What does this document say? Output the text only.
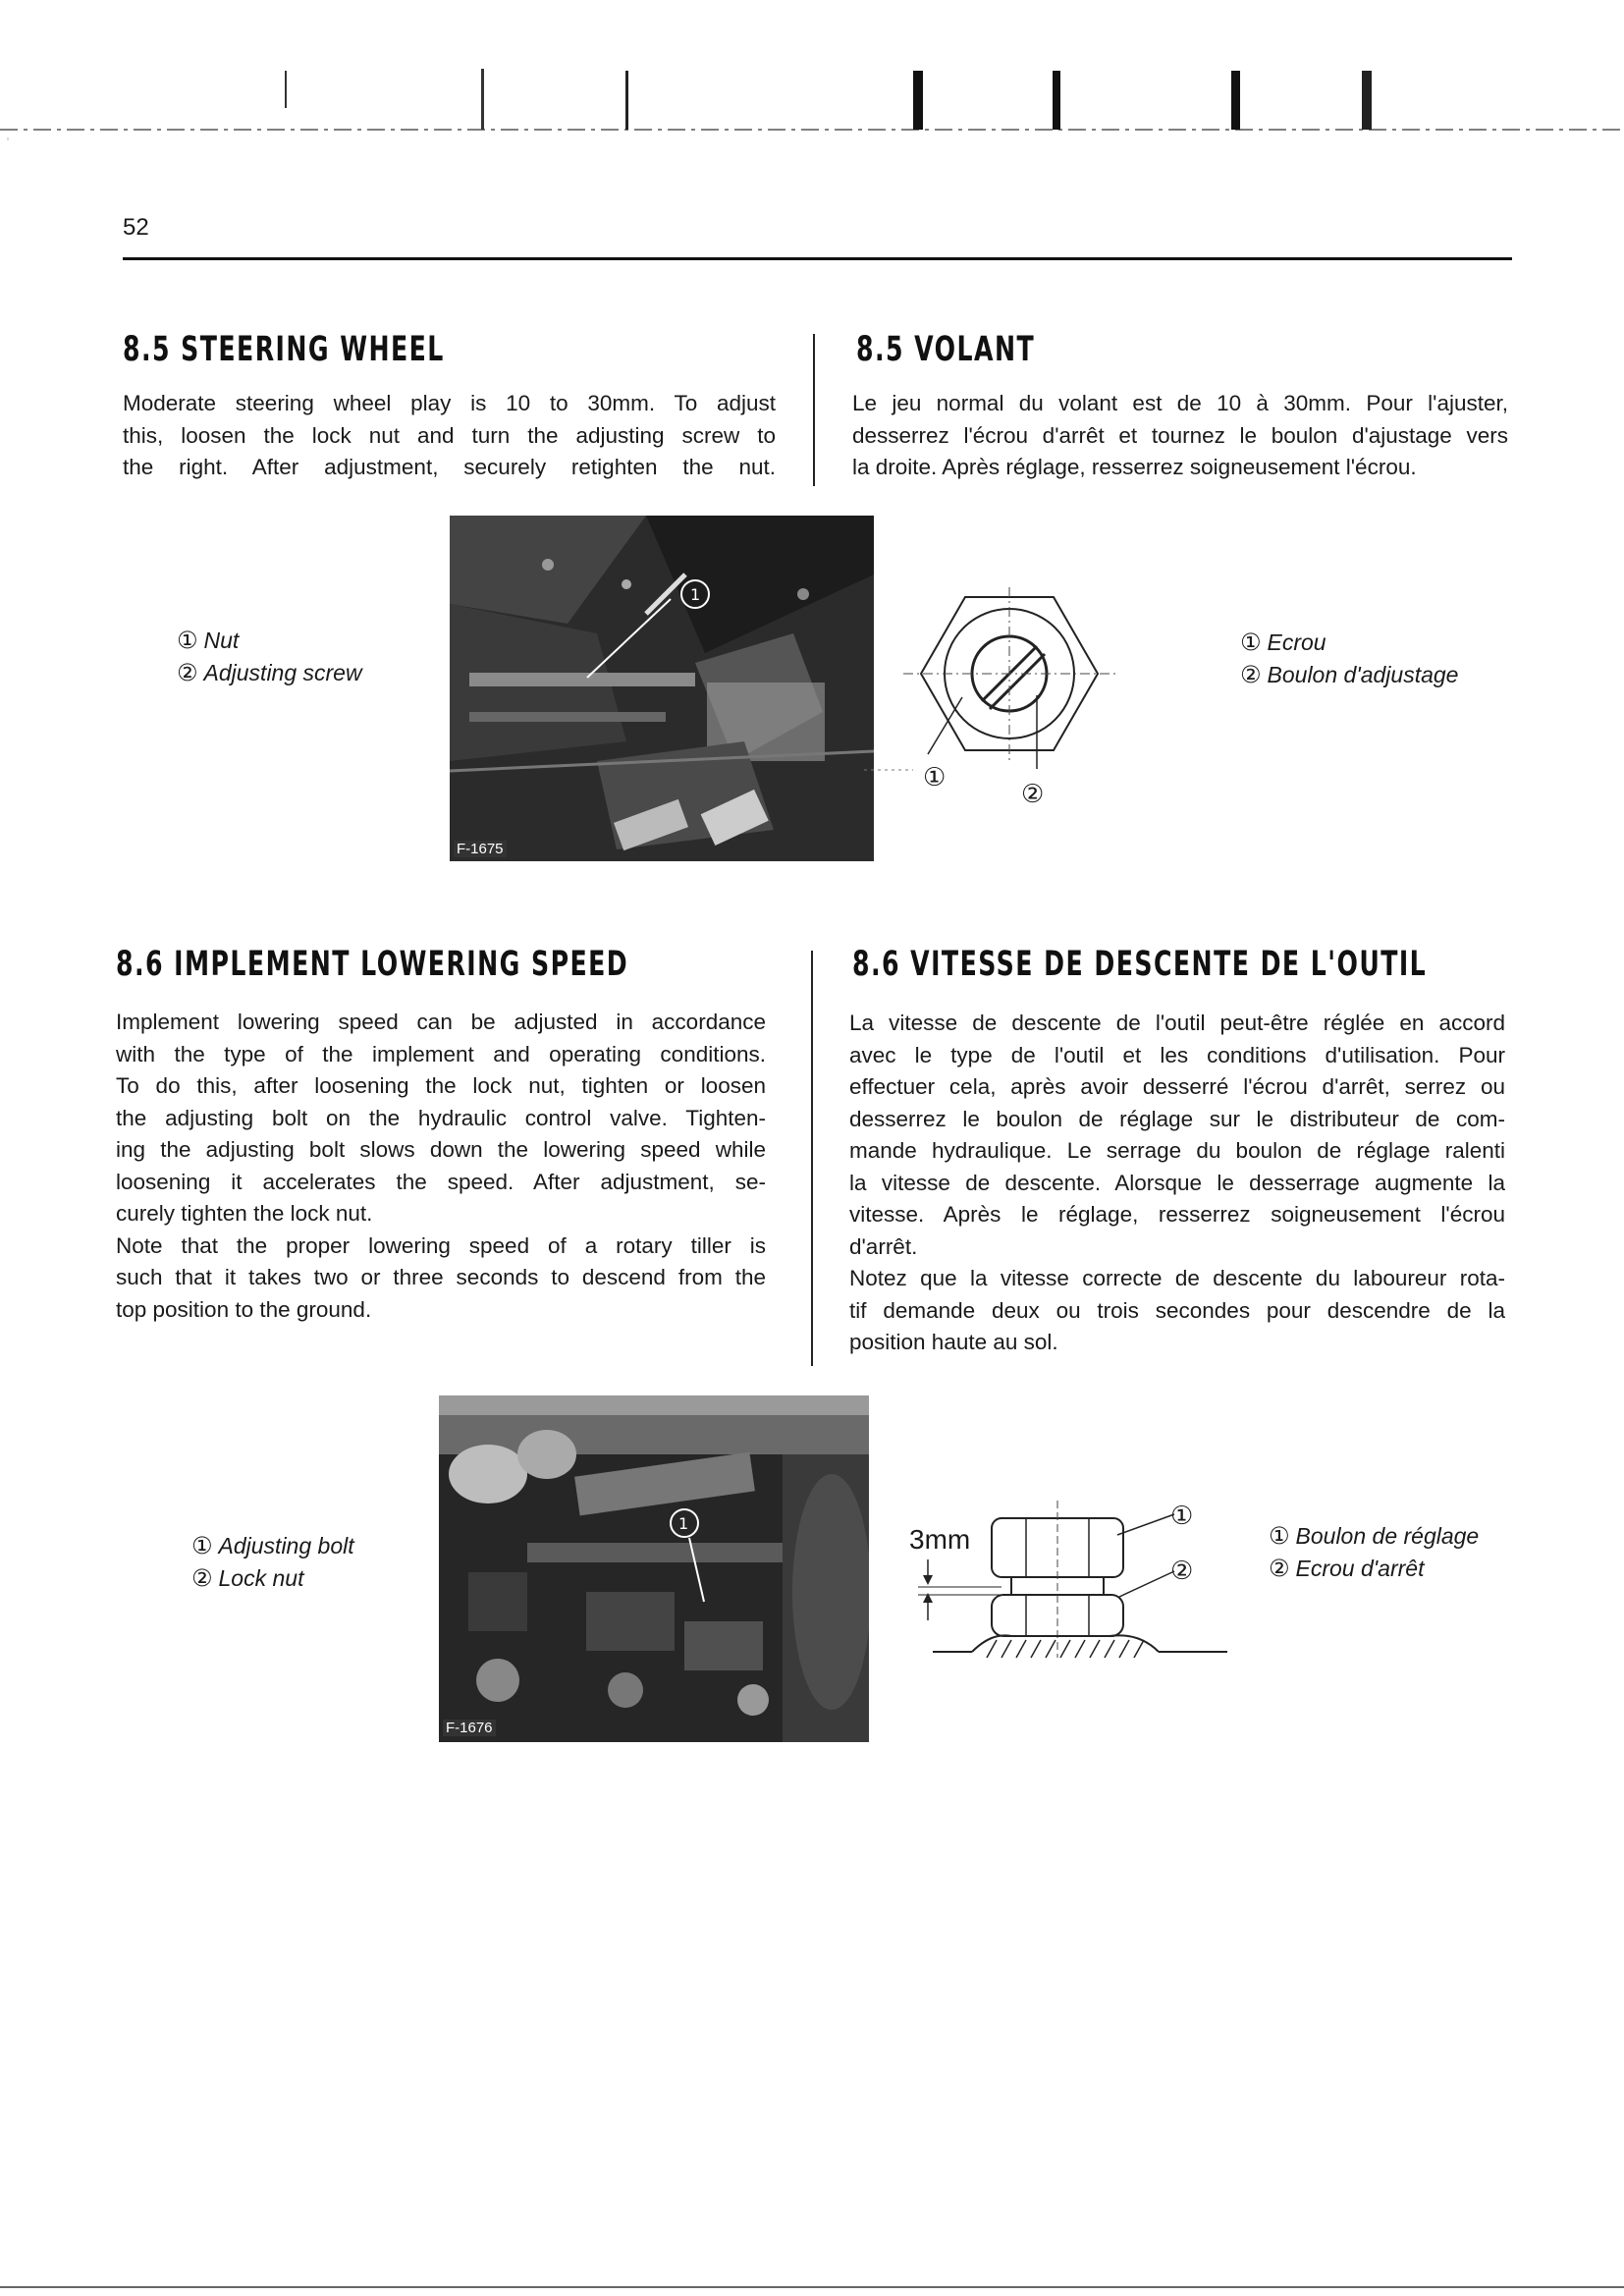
52
8.5 STEERING WHEEL
Moderate steering wheel play is 10 to 30mm. To adjust
this, loosen the lock nut and turn the adjusting screw to
the right. After adjustment, securely retighten the nut.
8.5 VOLANT
Le jeu normal du volant est de 10 à 30mm. Pour l'ajuster,
desserrez l'écrou d'arrêt et tournez le boulon d'ajustage vers
la droite. Après réglage, resserrez soigneusement l'écrou.
① Nut
② Adjusting screw
1
F-1675
①
②
① Ecrou
② Boulon d'adjustage
8.6 IMPLEMENT LOWERING SPEED
Implement lowering speed can be adjusted in accordance
with the type of the implement and operating conditions.
To do this, after loosening the lock nut, tighten or loosen
the adjusting bolt on the hydraulic control valve. Tighten-
ing the adjusting bolt slows down the lowering speed while
loosening it accelerates the speed. After adjustment, se-
curely tighten the lock nut.
Note that the proper lowering speed of a rotary tiller is
such that it takes two or three seconds to descend from the
top position to the ground.
8.6 VITESSE DE DESCENTE DE L'OUTIL
La vitesse de descente de l'outil peut-être réglée en accord
avec le type de l'outil et les conditions d'utilisation. Pour
effectuer cela, après avoir desserré l'écrou d'arrêt, serrez ou
desserrez le boulon de réglage sur le distributeur de com-
mande hydraulique. Le serrage du boulon de réglage ralenti
la vitesse de descente. Alorsque le desserrage augmente la
vitesse. Après le réglage, resserrez soigneusement l'écrou
d'arrêt.
Notez que la vitesse correcte de descente du laboureur rota-
tif demande deux ou trois secondes pour descendre de la
position haute au sol.
① Adjusting bolt
② Lock nut
1
F-1676
3mm
①
②
① Boulon de réglage
② Ecrou d'arrêt
